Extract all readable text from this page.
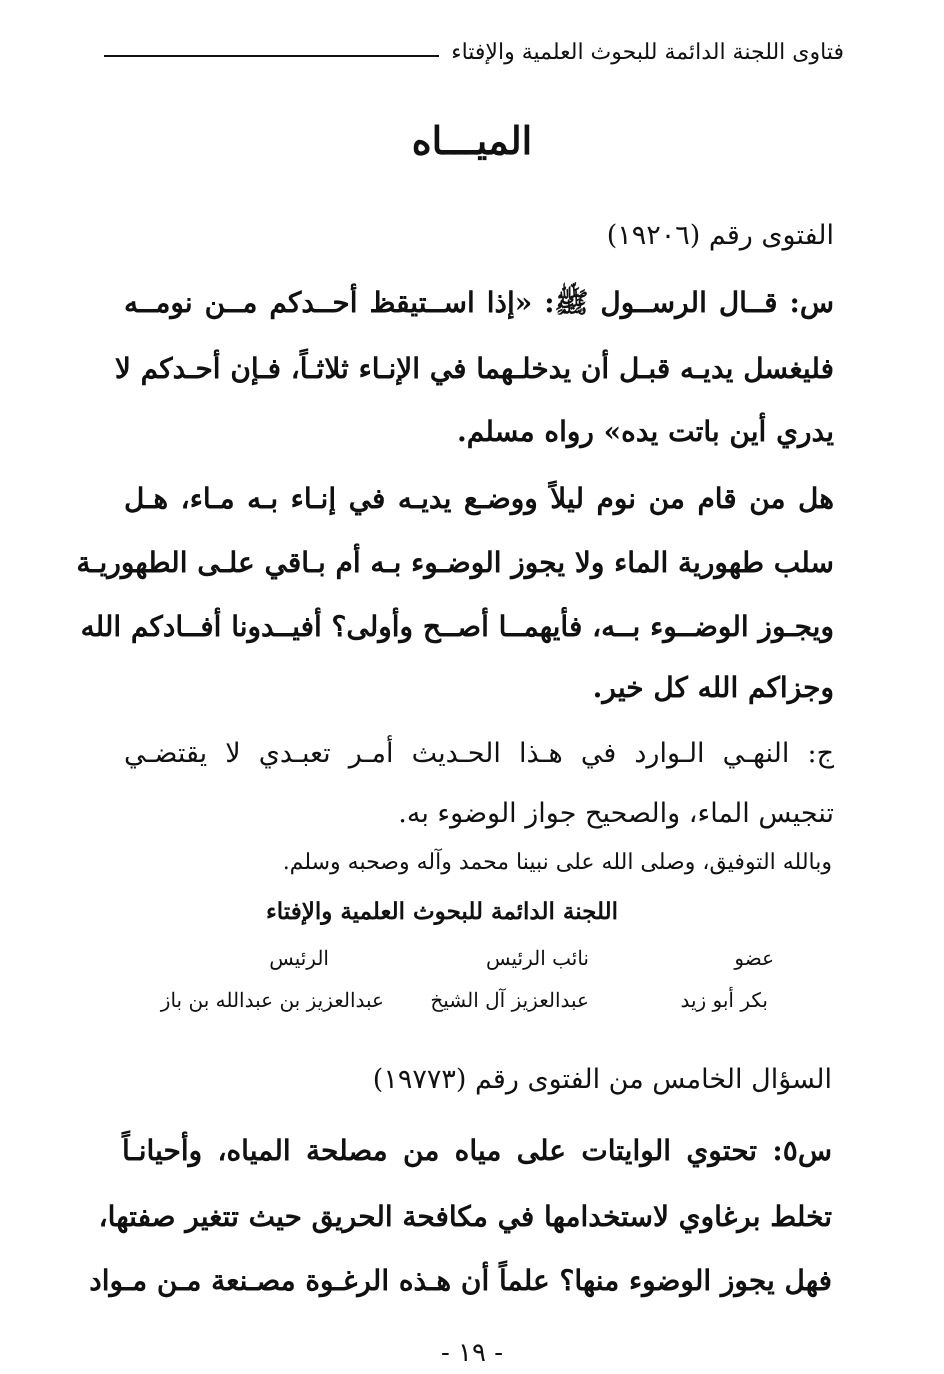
فتاوى اللجنة الدائمة للبحوث العلمية والإفتاء
الميـــاه
الفتوى رقم (١٩٢٠٦)
س: قــال الرســول ﷺ: «إذا اســتيقظ أحــدكم مــن نومــه
فليغسل يديـه قبـل أن يدخلـهما في الإنـاء ثلاثـاً، فـإن أحـدكم لا
يدري أين باتت يده» رواه مسلم.
هل من قام من نوم ليلاً ووضـع يديـه في إنـاء بـه مـاء، هـل
سلب طهورية الماء ولا يجوز الوضـوء بـه أم بـاقي علـى الطهوريـة
ويجـوز الوضــوء بــه، فأيهمــا أصــح وأولى؟ أفيــدونا أفــادكم الله
وجزاكم الله كل خير.
ج: النهـي الـوارد في هـذا الحـديث أمـر تعبـدي لا يقتضـي
تنجيس الماء، والصحيح جواز الوضوء به.
وبالله التوفيق، وصلى الله على نبينا محمد وآله وصحبه وسلم.
اللجنة الدائمة للبحوث العلمية والإفتاء
عضو
نائب الرئيس
الرئيس
بكر أبو زيد
عبدالعزيز آل الشيخ
عبدالعزيز بن عبدالله بن باز
السؤال الخامس من الفتوى رقم (١٩٧٧٣)
س٥: تحتوي الوايتات على مياه من مصلحة المياه، وأحيانـاً
تخلط برغاوي لاستخدامها في مكافحة الحريق حيث تتغير صفتها،
فهل يجوز الوضوء منها؟ علماً أن هـذه الرغـوة مصـنعة مـن مـواد
- ١٩ -
